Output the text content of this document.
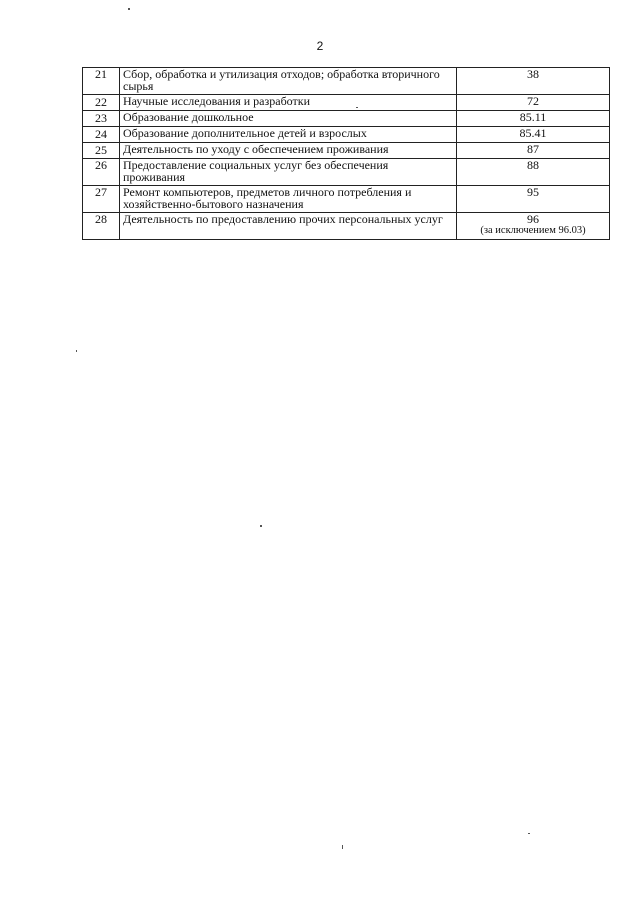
2
21	Сбор, обработка и утилизация отходов; обработка вторичного сырья	38

22	Научные исследования и разработки	72

23	Образование дошкольное	85.11

24	Образование дополнительное детей и взрослых	85.41

25	Деятельность по уходу с обеспечением проживания	87

26	Предоставление социальных услуг без обеспечения проживания	88

27	Ремонт компьютеров, предметов личного потребления и хозяйственно-бытового назначения	95

28	Деятельность по предоставлению прочих персональных услуг	96
(за исключением 96.03)
